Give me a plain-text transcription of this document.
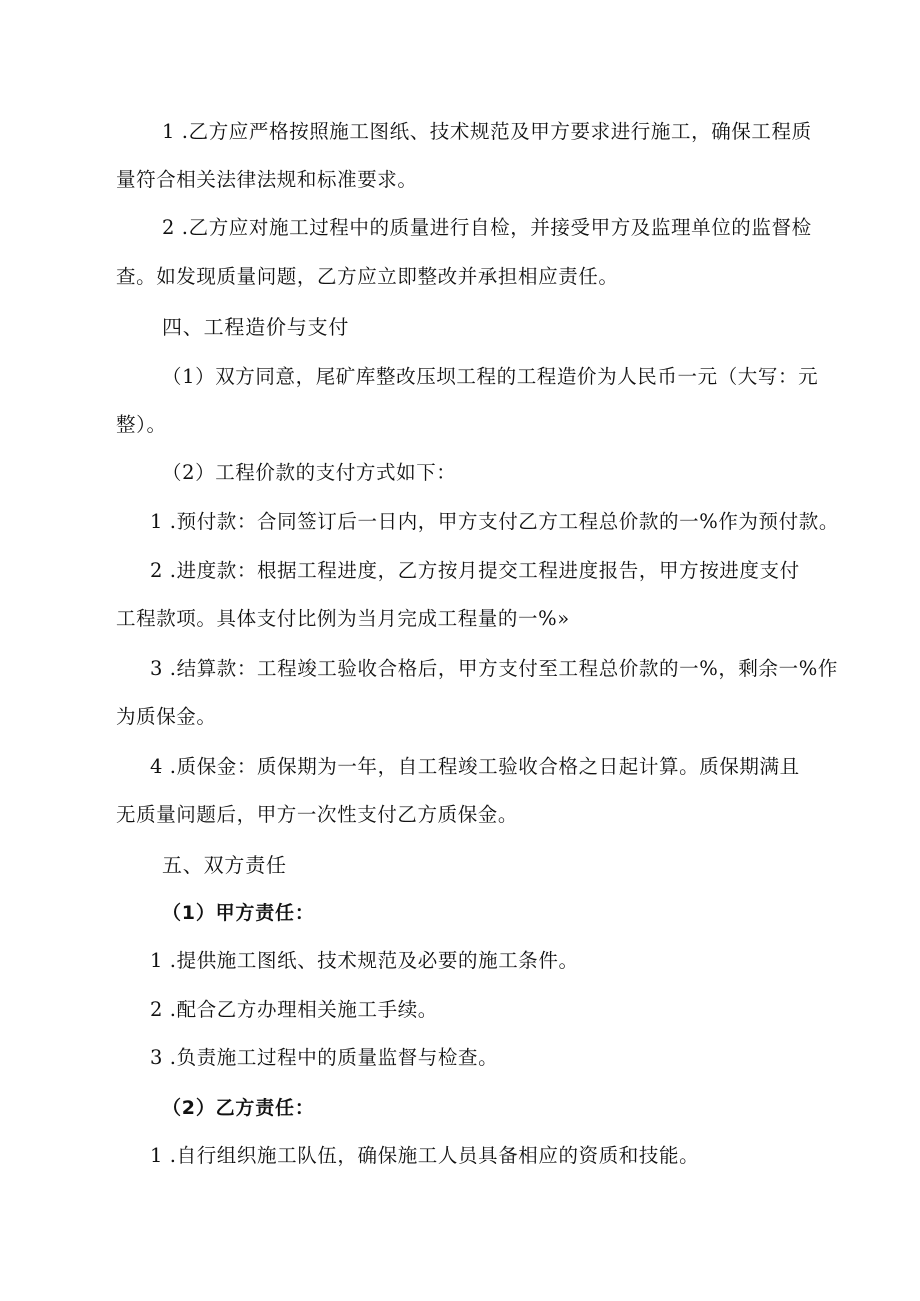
1 .乙方应严格按照施工图纸、技术规范及甲方要求进行施工，确保工程质
量符合相关法律法规和标准要求。
2 .乙方应对施工过程中的质量进行自检，并接受甲方及监理单位的监督检
查。如发现质量问题，乙方应立即整改并承担相应责任。
四、工程造价与支付
（1）双方同意，尾矿库整改压坝工程的工程造价为人民币一元（大写：元
整）。
（2）工程价款的支付方式如下：
1 .预付款：合同签订后一日内，甲方支付乙方工程总价款的一%作为预付款。
2 .进度款：根据工程进度，乙方按月提交工程进度报告，甲方按进度支付
工程款项。具体支付比例为当月完成工程量的一%»
3 .结算款：工程竣工验收合格后，甲方支付至工程总价款的一%，剩余一%作
为质保金。
4 .质保金：质保期为一年，自工程竣工验收合格之日起计算。质保期满且
无质量问题后，甲方一次性支付乙方质保金。
五、双方责任
（1）甲方责任：
1 .提供施工图纸、技术规范及必要的施工条件。
2 .配合乙方办理相关施工手续。
3 .负责施工过程中的质量监督与检查。
（2）乙方责任：
1 .自行组织施工队伍，确保施工人员具备相应的资质和技能。
